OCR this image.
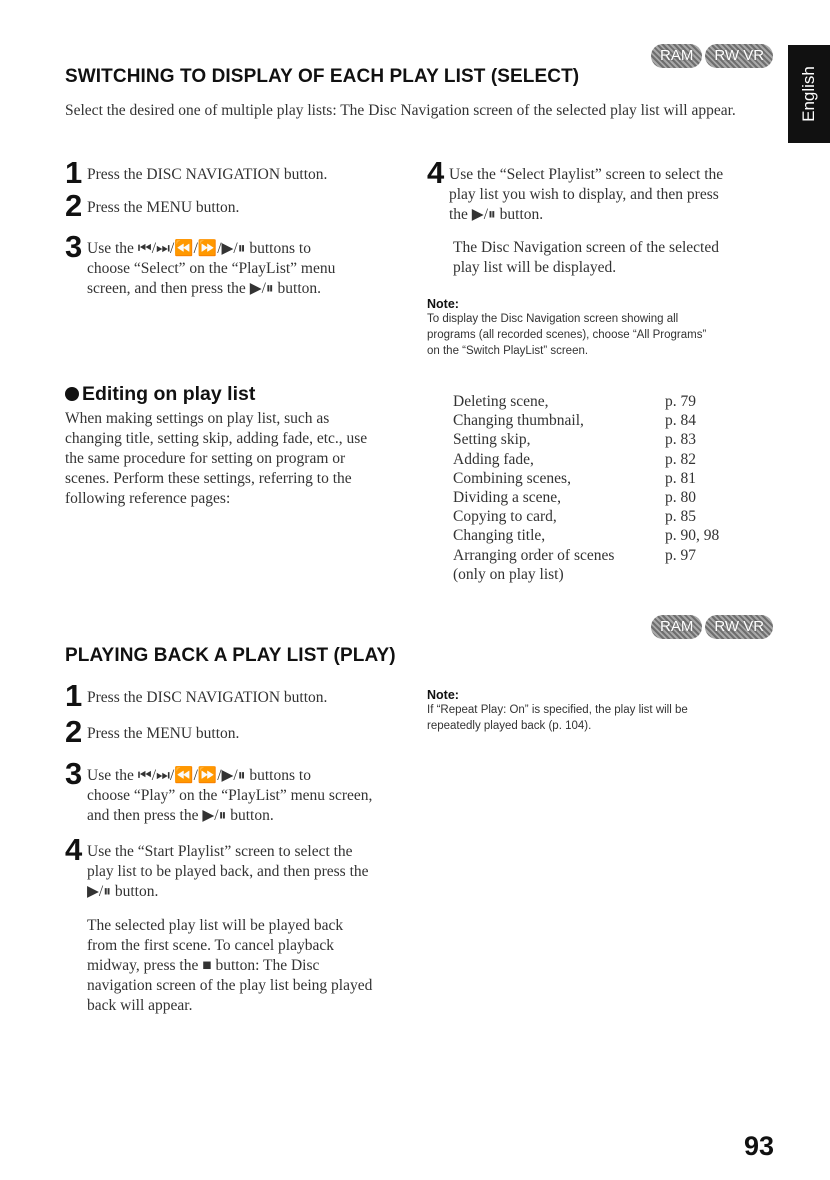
RAM	RW VR
SWITCHING TO DISPLAY OF EACH PLAY LIST (SELECT)	English
Select the desired one of multiple play lists: The Disc Navigation screen of the selected play list will appear.
1 Press the DISC NAVIGATION button.
2 Press the MENU button.
3 Use the ⏮/⏭/⏪/⏩/▶/⏸ buttons to
choose “Select” on the “PlayList” menu
screen, and then press the ▶/⏸ button.
4 Use the “Select Playlist” screen to select the
play list you wish to display, and then press
the ▶/⏸ button.
The Disc Navigation screen of the selected
play list will be displayed.
Note:
To display the Disc Navigation screen showing all
programs (all recorded scenes), choose “All Programs”
on the “Switch PlayList” screen.
Editing on play list
When making settings on play list, such as
changing title, setting skip, adding fade, etc., use
the same procedure for setting on program or
scenes. Perform these settings, referring to the
following reference pages:
Deleting scene,	p. 79
Changing thumbnail,	p. 84
Setting skip,	p. 83
Adding fade,	p. 82
Combining scenes,	p. 81
Dividing a scene,	p. 80
Copying to card,	p. 85
Changing title,	p. 90, 98
Arranging order of scenes	p. 97
(only on play list)	
RAM	RW VR
PLAYING BACK A PLAY LIST (PLAY)
1 Press the DISC NAVIGATION button.
2 Press the MENU button.
3 Use the ⏮/⏭/⏪/⏩/▶/⏸ buttons to
choose “Play” on the “PlayList” menu screen,
and then press the ▶/⏸ button.
4 Use the “Start Playlist” screen to select the
play list to be played back, and then press the
▶/⏸ button.
The selected play list will be played back
from the first scene. To cancel playback
midway, press the ■ button: The Disc
navigation screen of the play list being played
back will appear.
Note:
If “Repeat Play: On” is specified, the play list will be
repeatedly played back (p. 104).
93
